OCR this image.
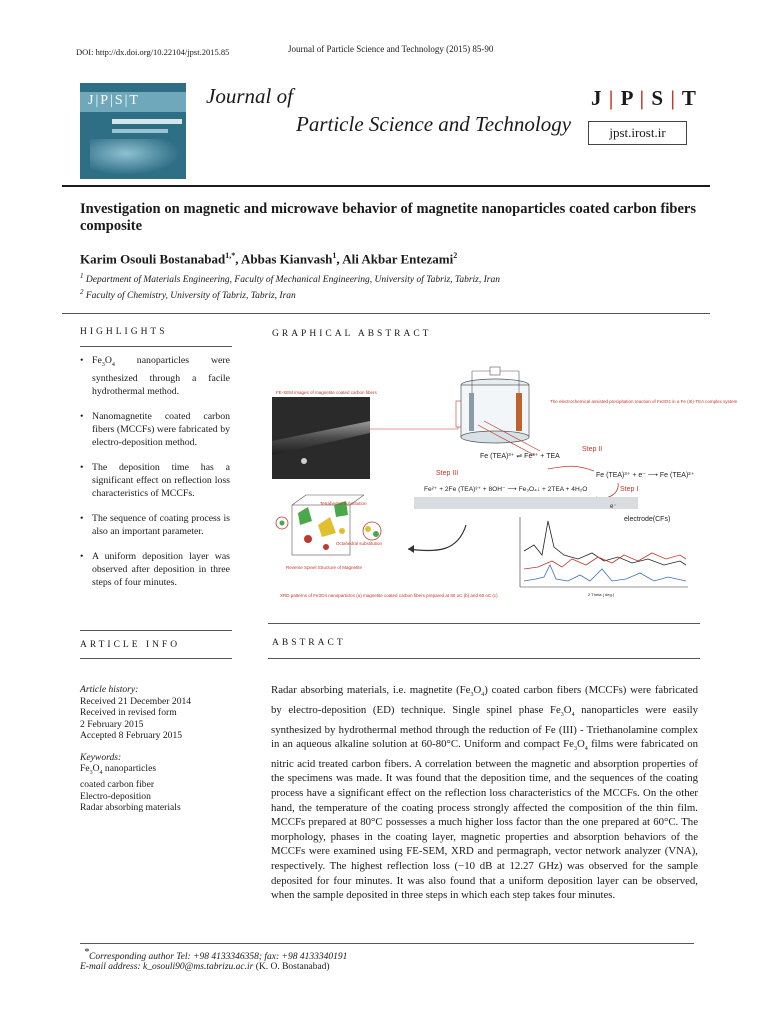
DOI: http://dx.doi.org/10.22104/jpst.2015.85	Journal of Particle Science and Technology (2015) 85-90
J|P|S|T	Journal of
Particle Science and Technology
J | P | S | T
jpst.irost.ir
Investigation on magnetic and microwave behavior of magnetite nanoparticles coated carbon fibers composite
Karim Osouli Bostanabad$^{1,*}$, Abbas Kianvash$^1$, Ali Akbar Entezami$^2$
$^1$ Department of Materials Engineering, Faculty of Mechanical Engineering, University of Tabriz, Tabriz, Iran
$^2$ Faculty of Chemistry, University of Tabriz, Tabriz, Iran
HIGHLIGHTS
• $Fe_3O_4$ nanoparticles were synthesized through a facile hydrothermal method.
• Nanomagnetite coated carbon fibers (MCCFs) were fabricated by electro-deposition method.
• The deposition time has a significant effect on reflection loss characteristics of MCCFs.
• The sequence of coating process is also an important parameter.
• A uniform deposition layer was observed after deposition in three steps of four minutes.
GRAPHICAL ABSTRACT
FE-SEM images of magnetite coated carbon fibers
The electrochemical assisted precipitation reaction of Fe3O4 in a Fe (III)-TEA complex system
Fe (TEA)³⁺ ⇌ Fe³⁺ + TEA
Step II
Fe (TEA)³⁺ + e⁻ ⟶ Fe (TEA)²⁺
Step I
Step III
Fe²⁺ + 2Fe (TEA)³⁺ + 8OH⁻ ⟶ Fe₃O₄↓ + 2TEA + 4H₂O
e⁻
electrode(CFs)
Tetrahedral substitution
Octahedral substitution
Reverse Spinel Structure of Magnetite
2 Theta ( deg.)
XRD patterns of Fe3O4 nanoparticles (a) magnetite coated carbon fibers prepared at 80 oC (b) and 60 oC (c)
ARTICLE INFO
Article history:
Received 21 December 2014
Received in revised form
2 February 2015
Accepted 8 February 2015
Keywords:
$Fe_3O_4$ nanoparticles
coated carbon fiber
Electro-deposition
Radar absorbing materials
ABSTRACT
Radar absorbing materials, i.e. magnetite $(Fe_3O_4)$ coated carbon fibers (MCCFs) were fabricated by electro-deposition (ED) technique. Single spinel phase $Fe_3O_4$ nanoparticles were easily synthesized by hydrothermal method through the reduction of Fe (III) - Triethanolamine complex in an aqueous alkaline solution at 60-80°C. Uniform and compact $Fe_3O_4$ films were fabricated on nitric acid treated carbon fibers. A correlation between the magnetic and absorption properties of the specimens was made. It was found that the deposition time, and the sequences of the coating process have a significant effect on the reflection loss characteristics of the MCCFs. On the other hand, the temperature of the coating process strongly affected the composition of the thin film. MCCFs prepared at 80°C possesses a much higher loss factor than the one prepared at 60°C. The morphology, phases in the coating layer, magnetic properties and absorption behaviors of the MCCFs were examined using FE-SEM, XRD and permagraph, vector network analyzer (VNA), respectively. The highest reflection loss (−10 dB at 12.27 GHz) was observed for the sample deposited for four minutes. It was also found that a uniform deposition layer can be observed, when the sample deposited in three steps in which each step takes four minutes.
*Corresponding author Tel: +98 4133346358; fax: +98 4133340191
E-mail address: k_osouli90@ms.tabrizu.ac.ir (K. O. Bostanabad)
